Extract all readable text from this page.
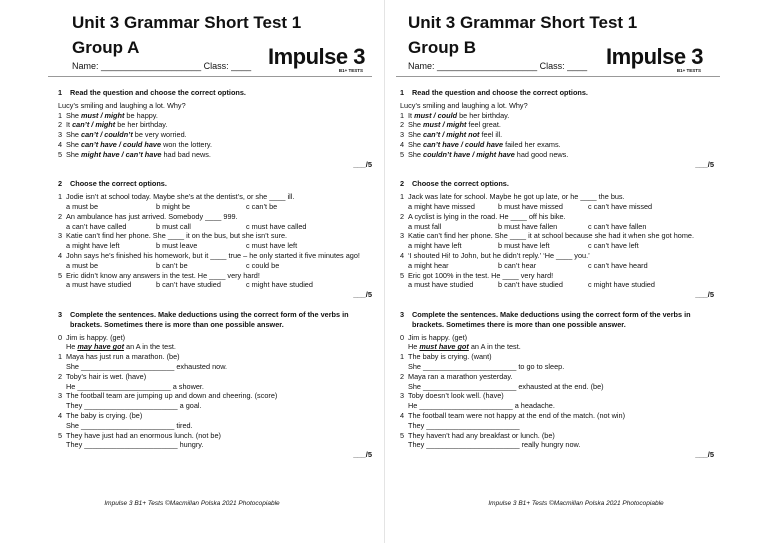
Unit 3 Grammar Short Test 1
Group A
Name: ____________________ Class: ____ Impulse 3
B1+ TESTS
1	Read the question and choose the correct options.
Lucy’s smiling and laughing a lot. Why?
1 She must / might be happy.
2 It can’t / might be her birthday.
3 She can’t / couldn’t be very worried.
4 She can’t have / could have won the lottery.
5 She might have / can’t have had bad news.
___/5
2	Choose the correct options.
1 Jodie isn’t at school today. Maybe she’s at the dentist’s, or she ____ ill.
a must be	b might be	c can’t be
2 An ambulance has just arrived. Somebody ____ 999.
a can’t have called	b must call	c must have called
3 Katie can’t find her phone. She ____ it on the bus, but she isn’t sure.
a might have left	b must leave	c must have left
4 John says he’s finished his homework, but it ____ true – he only started it five minutes ago!
a must be	b can’t be	c could be
5 Eric didn’t know any answers in the test. He ____ very hard!
a must have studied	b can’t have studied	c might have studied
___/5
3	Complete the sentences. Make deductions using the correct form of the verbs in brackets. Sometimes there is more than one possible answer.
0 Jim is happy. (get)
He may have got an A in the test.
1 Maya has just run a marathon. (be)
She _______________________ exhausted now.
2 Toby’s hair is wet. (have)
He _______________________ a shower.
3 The football team are jumping up and down and cheering. (score)
They _______________________ a goal.
4 The baby is crying. (be)
She _______________________ tired.
5 They have just had an enormous lunch. (not be)
They _______________________ hungry.
___/5
Impulse 3 B1+ Tests ©Macmillan Polska 2021 Photocopiable
Unit 3 Grammar Short Test 1
Group B
Name: ____________________ Class: ____ Impulse 3
B1+ TESTS
1	Read the question and choose the correct options.
Lucy’s smiling and laughing a lot. Why?
1 It must / could be her birthday.
2 She must / might feel great.
3 She can’t / might not feel ill.
4 She can’t have / could have failed her exams.
5 She couldn’t have / might have had good news.
___/5
2	Choose the correct options.
1 Jack was late for school. Maybe he got up late, or he ____ the bus.
a might have missed	b must have missed	c can’t have missed
2 A cyclist is lying in the road. He ____ off his bike.
a must fall	b must have fallen	c can’t have fallen
3 Katie can’t find her phone. She ____ it at school because she had it when she got home.
a might have left	b must have left	c can’t have left
4 ‘I shouted Hi! to John, but he didn’t reply.’ ‘He ____ you.’
a might hear	b can’t hear	c can’t have heard
5 Eric got 100% in the test. He ____ very hard!
a must have studied	b can’t have studied	c might have studied
___/5
3	Complete the sentences. Make deductions using the correct form of the verbs in brackets. Sometimes there is more than one possible answer.
0 Jim is happy. (get)
He must have got an A in the test.
1 The baby is crying. (want)
She _______________________ to go to sleep.
2 Maya ran a marathon yesterday.
She _______________________ exhausted at the end. (be)
3 Toby doesn’t look well. (have)
He _______________________ a headache.
4 The football team were not happy at the end of the match. (not win)
They _______________________
5 They haven’t had any breakfast or lunch. (be)
They _______________________ really hungry now.
___/5
Impulse 3 B1+ Tests ©Macmillan Polska 2021 Photocopiable
